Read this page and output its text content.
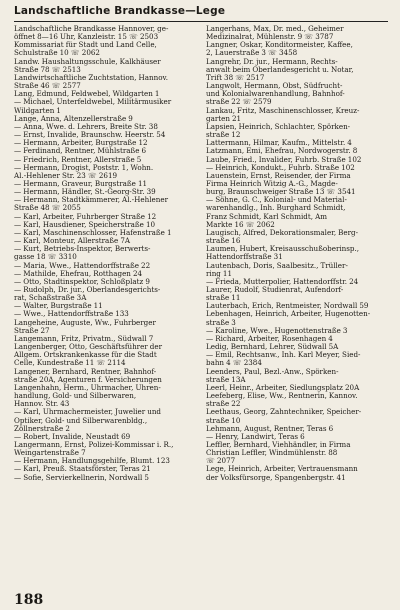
Landschaftliche Brandkasse—Lege

Landschaftliche Brandkasse Hannover, ge-

öffnet 8—16 Uhr, Kanzleistr. 15 ☏ 2503

Kommissariat für Stadt und Land Celle,

Schulstraße 10 ☏ 2062

Landw. Haushaltungsschule, Kalkhäuser

Straße 78 ☏ 2513

Landwirtschaftliche Zuchtstation, Hannov.

Straße 46 ☏ 2577

Lang, Edmund, Feldwebel, Wildgarten 1

— Michael, Unterfeldwebel, Militärmusiker

Wildgarten 1

Lange, Anna, Altenzellerstraße 9

— Anna, Wwe. d. Lehrers, Breite Str. 38

— Ernst, Invalide, Braunschw. Heerstr. 54

— Hermann, Arbeiter, Burgstraße 12

— Ferdinand, Rentner, Mühlstraße 6

— Friedrich, Rentner, Allerstraße 5

— Hermann, Drogist, Poststr. 1, Wohn.

Al.-Hehlener Str. 23 ☏ 2619

— Hermann, Graveur, Burgstraße 11

— Hermann, Händler, St.-Georg-Str. 39

— Hermann, Stadtkämmerer, Al.-Hehlener

Straße 48 ☏ 2055

— Karl, Arbeiter, Fuhrberger Straße 12

— Karl, Hausdiener, Speicherstraße 10

— Karl, Maschinenschlosser, Hafenstraße 1

— Karl, Monteur, Allerstraße 7A

— Kurt, Betriebs-Inspektor, Berwerts-

gasse 18 ☏ 3310

— Maria, Wwe., Hattendorffstraße 22

— Mathilde, Ehefrau, Rotthagen 24

— Otto, Stadtinspektor, Schloßplatz 9

— Rudolph, Dr. jur., Oberlandesgerichts-

rat, Schaßstraße 3A

— Walter, Burgstraße 11

— Wwe., Hattendorffstraße 133

Langeheine, Auguste, Ww., Fuhrberger

Straße 27

Langemann, Fritz, Privatm., Südwall 7

Langenberger, Otto, Geschäftsführer der

Allgem. Ortskrankenkasse für die Stadt

Celle, Kundestraße 11 ☏ 2114

Langener, Bernhard, Rentner, Bahnhof-

straße 20A, Agenturen f. Versicherungen

Langenhahn, Herm., Uhrmacher, Uhren-

handlung, Gold- und Silberwaren,

Hannov. Str. 43

— Karl, Uhrmachermeister, Juwelier und

Optiker, Gold- und Silberwarenbldg.,

Zöllnerstraße 2

— Robert, Invalide, Neustadt 69

Langermann, Ernst, Polizei-Kommissar i. R.,

Weingartenstraße 7

— Hermann, Handlungsgehilfe, Blumt. 123

— Karl, Preuß. Staatsförster, Teras 21

— Sofie, Servierkellnerin, Nordwall 5

Langerhans, Max, Dr. med., Geheimer

Medizinalrat, Mühlenstr. 9 ☏ 3787

Langner, Oskar, Konditormeister, Kaffee,

2, Lauerstraße 3 ☏ 3458

Langrehr, Dr. jur., Hermann, Rechts-

anwalt beim Oberlandesgericht u. Notar,

Trift 38 ☏ 2517

Langwolt, Hermann, Obst, Südfrucht-

und Kolonialwarenhandlung, Bahnhof-

straße 22 ☏ 2579

Lankau, Fritz, Maschinenschlosser, Kreuz-

garten 21

Lapsien, Heinrich, Schlachter, Spörken-

straße 12

Lattermann, Hilmar, Kaufm., Mittelstr. 4

Latzmann, Emi, Ehefrau, Nordwogerstr. 8

Laube, Fried., Invalider, Fuhrb. Straße 102

— Heinrich, Kondukt., Fuhrb. Straße 102

Lauenstein, Ernst, Reisender, der Firma

Firma Heinrich Witzig A.-G., Magde-

burg, Braunschweiger Straße 13 ☏ 3541

— Söhne, G. C., Kolonial- und Material-

warenhandlg., Inh. Burghard Schmidt,

Franz Schmidt, Karl Schmidt, Am

Markte 16 ☏ 2062

Laugisch, Alfred, Dekorationsmaler, Berg-

straße 16

Laumen, Hubert, Kreisausschußoberinsp.,

Hattendorffstraße 31

Lautenbach, Doris, Saalbesitz., Trüller-

ring 11

— Frieda, Mutterpolier, Hattendorffstr. 24

Laurer, Rudolf, Studienrat, Aufendorf-

straße 11

Lauterbach, Erich, Rentmeister, Nordwall 59

Lebenhagen, Heinrich, Arbeiter, Hugenotten-

straße 3

— Karoline, Wwe., Hugenottenstraße 3

— Richard, Arbeiter, Rosenhagen 4

Ledig, Bernhard, Lehrer, Südwall 5A

— Emil, Rechtsanw., Inh. Karl Meyer, Sied-

bahn 4 ☏ 2384

Leenders, Paul, Bezl.-Anw., Spörken-

straße 13A

Leerl, Heinr., Arbeiter, Siedlungsplatz 20A

Leefeberg, Elise, Ww., Rentnerin, Kannov.

straße 22

Leethaus, Georg, Zahntechniker, Speicher-

straße 10

Lehmann, August, Rentner, Teras 6

— Henry, Landwirt, Teras 6

Leffler, Bernhard, Viehhändler, in Firma

Christian Leffler, Windmühlenstr. 88

☏ 2077

Lege, Heinrich, Arbeiter, Vertrauensmann

der Volksfürsorge, Spangenbergstr. 41

188
